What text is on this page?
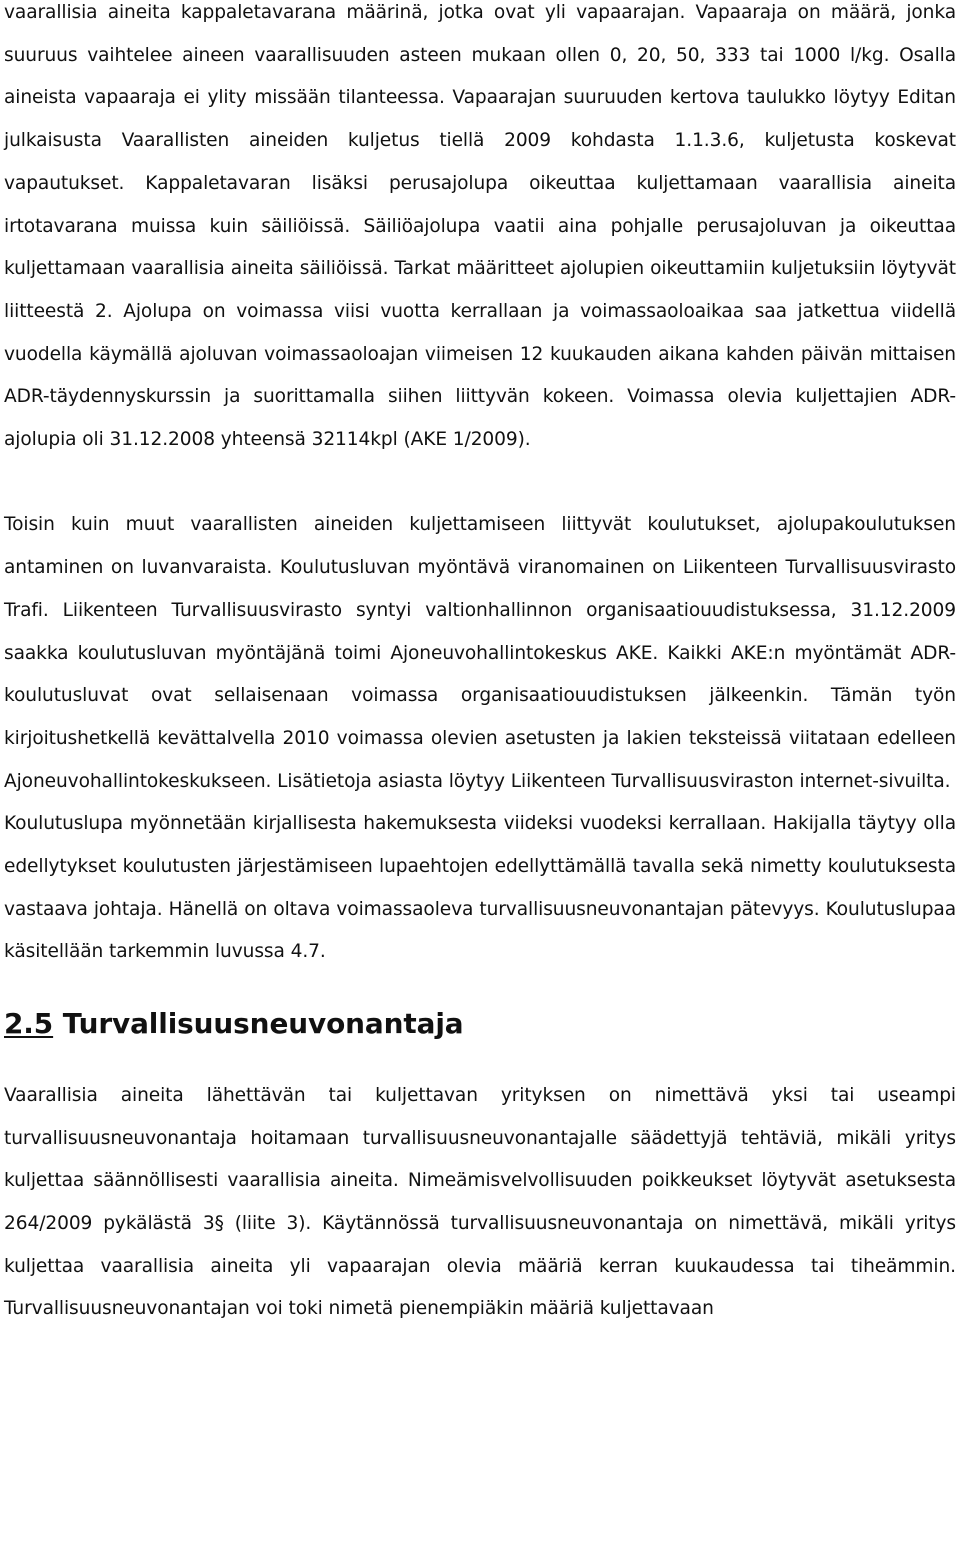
vaarallisia aineita kappaletavarana määrinä, jotka ovat yli vapaarajan. Vapaaraja on määrä, jonka suuruus vaihtelee aineen vaarallisuuden asteen mukaan ollen 0, 20, 50, 333 tai 1000 l/kg. Osalla aineista vapaaraja ei ylity missään tilanteessa. Vapaarajan suuruuden kertova taulukko löytyy Editan julkaisusta Vaarallisten aineiden kuljetus tiellä 2009 kohdasta 1.1.3.6, kuljetusta koskevat vapautukset. Kappaletavaran lisäksi perusajolupa oikeuttaa kuljettamaan vaarallisia aineita irtotavarana muissa kuin säiliöissä. Säiliöajolupa vaatii aina pohjalle perusajoluvan ja oikeuttaa kuljettamaan vaarallisia aineita säiliöissä. Tarkat määritteet ajolupien oikeuttamiin kuljetuksiin löytyvät liitteestä 2. Ajolupa on voimassa viisi vuotta kerrallaan ja voimassaoloaikaa saa jatkettua viidellä vuodella käymällä ajoluvan voimassaoloajan viimeisen 12 kuukauden aikana kahden päivän mittaisen ADR-täydennyskurssin ja suorittamalla siihen liittyvän kokeen. Voimassa olevia kuljettajien ADR-ajolupia oli 31.12.2008 yhteensä 32114kpl (AKE 1/2009).

Toisin kuin muut vaarallisten aineiden kuljettamiseen liittyvät koulutukset, ajolupakoulutuksen antaminen on luvanvaraista. Koulutusluvan myöntävä viranomainen on Liikenteen Turvallisuusvirasto Trafi. Liikenteen Turvallisuusvirasto syntyi valtionhallinnon organisaatiouudistuksessa, 31.12.2009 saakka koulutusluvan myöntäjänä toimi Ajoneuvohallintokeskus AKE. Kaikki AKE:n myöntämät ADR-koulutusluvat ovat sellaisenaan voimassa organisaatiouudistuksen jälkeenkin. Tämän työn kirjoitushetkellä kevättalvella 2010 voimassa olevien asetusten ja lakien teksteissä viitataan edelleen Ajoneuvohallintokeskukseen. Lisätietoja asiasta löytyy Liikenteen Turvallisuusviraston internet-sivuilta.

Koulutuslupa myönnetään kirjallisesta hakemuksesta viideksi vuodeksi kerrallaan. Hakijalla täytyy olla edellytykset koulutusten järjestämiseen lupaehtojen edellyttämällä tavalla sekä nimetty koulutuksesta vastaava johtaja. Hänellä on oltava voimassaoleva turvallisuusneuvonantajan pätevyys. Koulutuslupaa käsitellään tarkemmin luvussa 4.7.

2.5 Turvallisuusneuvonantaja

Vaarallisia aineita lähettävän tai kuljettavan yrityksen on nimettävä yksi tai useampi turvallisuusneuvonantaja hoitamaan turvallisuusneuvonantajalle säädettyjä tehtäviä, mikäli yritys kuljettaa säännöllisesti vaarallisia aineita. Nimeämisvelvollisuuden poikkeukset löytyvät asetuksesta 264/2009 pykälästä 3§ (liite 3). Käytännössä turvallisuusneuvonantaja on nimettävä, mikäli yritys kuljettaa vaarallisia aineita yli vapaarajan olevia määriä kerran kuukaudessa tai tiheämmin. Turvallisuusneuvonantajan voi toki nimetä pienempiäkin määriä kuljettavaan
